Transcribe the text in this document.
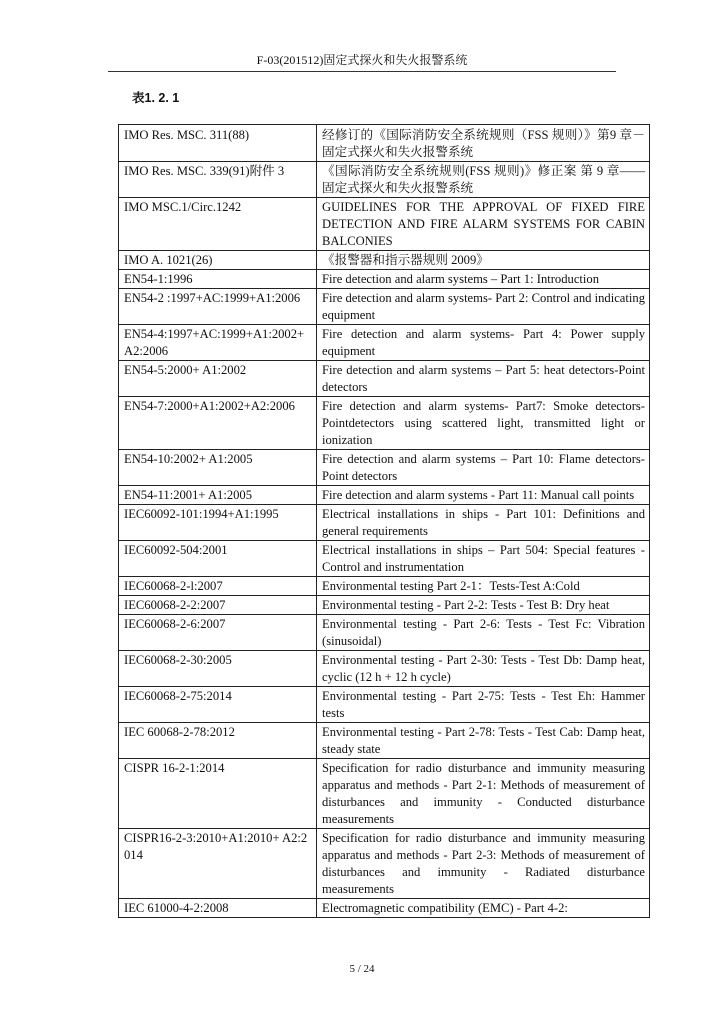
F-03(201512)固定式探火和失火报警系统
表1. 2. 1
IMO Res. MSC. 311(88)	经修订的《国际消防安全系统规则（FSS 规则）》第9 章－固定式探火和失火报警系统
IMO Res. MSC. 339(91)附件 3	《国际消防安全系统规则(FSS 规则)》修正案 第 9 章——固定式探火和失火报警系统
IMO MSC.1/Circ.1242	GUIDELINES FOR THE APPROVAL OF FIXED FIRE DETECTION AND FIRE ALARM SYSTEMS FOR CABIN BALCONIES
IMO A. 1021(26)	《报警器和指示器规则 2009》
EN54-1:1996	Fire detection and alarm systems – Part 1: Introduction
EN54-2 :1997+AC:1999+A1:2006	Fire detection and alarm systems- Part 2: Control and indicating equipment
EN54-4:1997+AC:1999+A1:2002+ A2:2006	Fire detection and alarm systems- Part 4: Power supply equipment
EN54-5:2000+ A1:2002	Fire detection and alarm systems – Part 5: heat detectors-Point detectors
EN54-7:2000+A1:2002+A2:2006	Fire detection and alarm systems- Part7: Smoke detectors-Pointdetectors using scattered light, transmitted light or ionization
EN54-10:2002+ A1:2005	Fire detection and alarm systems – Part 10: Flame detectors-Point detectors
EN54-11:2001+ A1:2005	Fire detection and alarm systems - Part 11: Manual call points
IEC60092-101:1994+A1:1995	Electrical installations in ships - Part 101: Definitions and general requirements
IEC60092-504:2001	Electrical installations in ships – Part 504: Special features - Control and instrumentation
IEC60068-2-l:2007	Environmental testing Part 2-1：Tests-Test A:Cold
IEC60068-2-2:2007	Environmental testing - Part 2-2: Tests - Test B: Dry heat
IEC60068-2-6:2007	Environmental testing - Part 2-6: Tests - Test Fc: Vibration (sinusoidal)
IEC60068-2-30:2005	Environmental testing - Part 2-30: Tests - Test Db: Damp heat, cyclic (12 h + 12 h cycle)
IEC60068-2-75:2014	Environmental testing - Part 2-75: Tests - Test Eh: Hammer tests
IEC 60068-2-78:2012	Environmental testing - Part 2-78: Tests - Test Cab: Damp heat, steady state
CISPR 16-2-1:2014	Specification for radio disturbance and immunity measuring apparatus and methods - Part 2-1: Methods of measurement of disturbances and immunity - Conducted disturbance measurements
CISPR16-2-3:2010+A1:2010+ A2:2014	Specification for radio disturbance and immunity measuring apparatus and methods - Part 2-3: Methods of measurement of disturbances and immunity - Radiated disturbance measurements
IEC 61000-4-2:2008	Electromagnetic compatibility (EMC) - Part 4-2:
5 / 24
